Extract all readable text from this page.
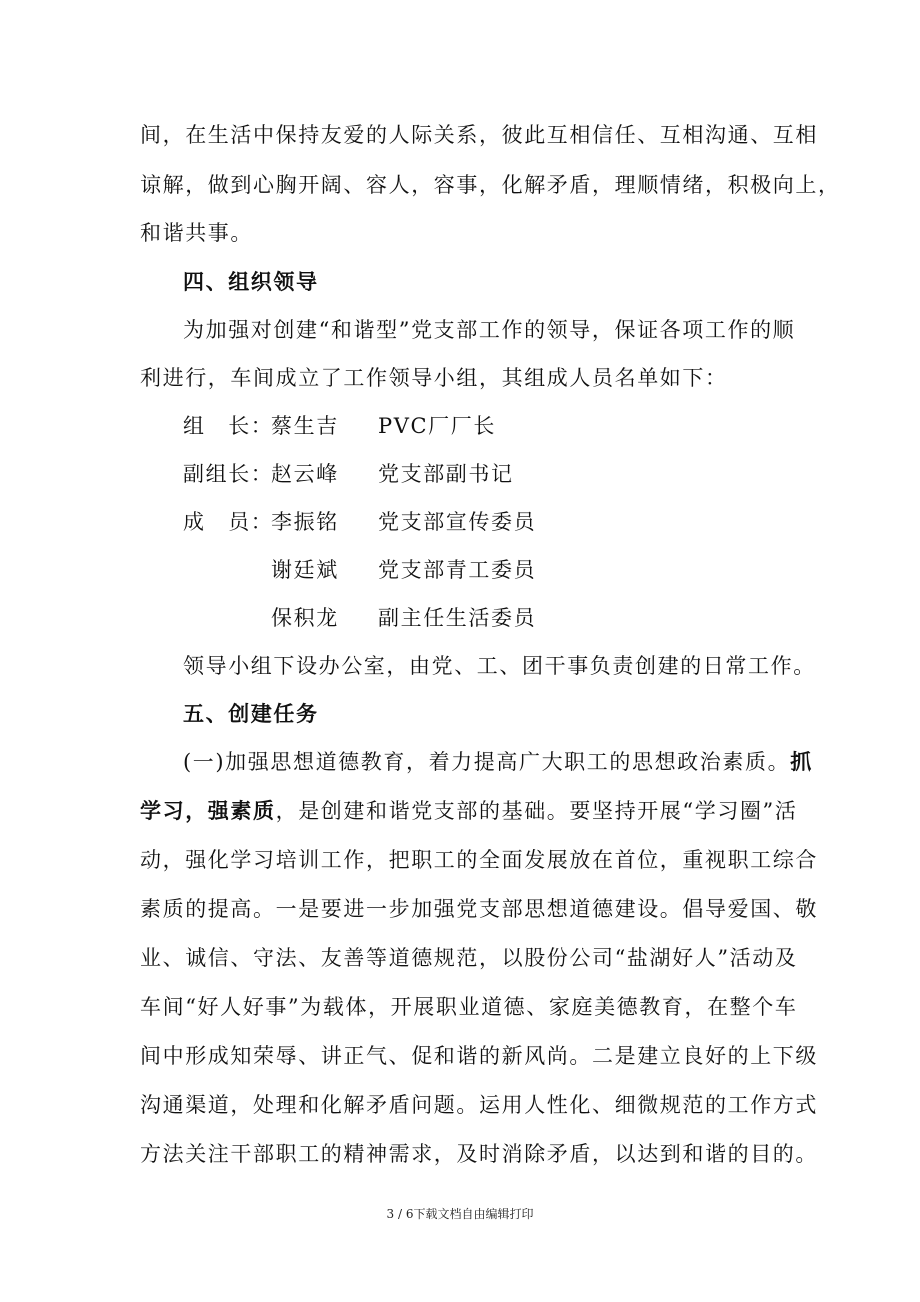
间，在生活中保持友爱的人际关系，彼此互相信任、互相沟通、互相
谅解，做到心胸开阔、容人，容事，化解矛盾，理顺情绪，积极向上，
和谐共事。
四、组织领导
为加强对创建“和谐型”党支部工作的领导，保证各项工作的顺
利进行，车间成立了工作领导小组，其组成人员名单如下：
组　长：
蔡生吉 PVC厂厂长
副组长：
赵云峰 党支部副书记
成　员：
李振铭 党支部宣传委员
谢廷斌 党支部青工委员
保积龙 副主任生活委员
领导小组下设办公室，由党、工、团干事负责创建的日常工作。
五、创建任务
(一)加强思想道德教育，着力提高广大职工的思想政治素质。抓
学习，强素质，是创建和谐党支部的基础。要坚持开展“学习圈”活
动，强化学习培训工作，把职工的全面发展放在首位，重视职工综合
素质的提高。一是要进一步加强党支部思想道德建设。倡导爱国、敬
业、诚信、守法、友善等道德规范，以股份公司“盐湖好人”活动及
车间“好人好事”为载体，开展职业道德、家庭美德教育，在整个车
间中形成知荣辱、讲正气、促和谐的新风尚。二是建立良好的上下级
沟通渠道，处理和化解矛盾问题。运用人性化、细微规范的工作方式
方法关注干部职工的精神需求，及时消除矛盾，以达到和谐的目的。
3 / 6下载文档自由编辑打印
